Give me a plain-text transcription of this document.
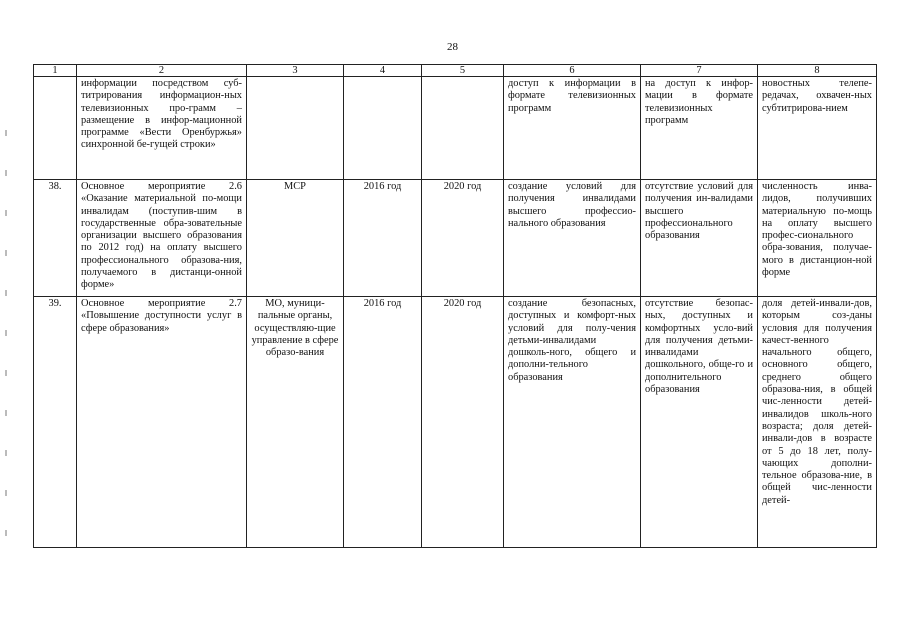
28
1	2	3	4	5	6	7	8
	информации посредством суб-титрирования информацион-ных телевизионных про-грамм – размещение в инфор-мационной программе «Вести Оренбуржья» синхронной бе-гущей строки»				доступ к информации в формате телевизионных программ	на доступ к инфор-мации в формате телевизионных программ	новостных телепе-редачах, охвачен-ных субтитрирова-нием
38.	Основное мероприятие 2.6 «Оказание материальной по-мощи инвалидам (поступив-шим в государственные обра-зовательные организации высшего образования по 2012 год) на оплату высшего профессионального образова-ния, получаемого в дистанци-онной форме»	МСР	2016 год	2020 год	создание условий для получения инвалидами высшего профессио-нального образования	отсутствие условий для получения ин-валидами высшего профессионального образования	численность инва-лидов, получивших материальную по-мощь на оплату высшего профес-сионального обра-зования, получае-мого в дистанцион-ной форме
39.	Основное мероприятие 2.7 «Повышение доступности услуг в сфере образования»	МО, муници-пальные органы, осуществляю-щие управление в сфере образо-вания	2016 год	2020 год	создание безопасных, доступных и комфорт-ных условий для полу-чения детьми-инвалидами дошколь-ного, общего и дополни-тельного образования	отсутствие безопас-ных, доступных и комфортных усло-вий для получения детьми-инвалидами дошкольного, обще-го и дополнительного образования	доля детей-инвали-дов, которым соз-даны условия для получения качест-венного начального общего, основного общего, среднего общего образова-ния, в общей чис-ленности детей-инвалидов школь-ного возраста; доля детей-инвали-дов в возрасте от 5 до 18 лет, полу-чающих дополни-тельное образова-ние, в общей чис-ленности детей-
